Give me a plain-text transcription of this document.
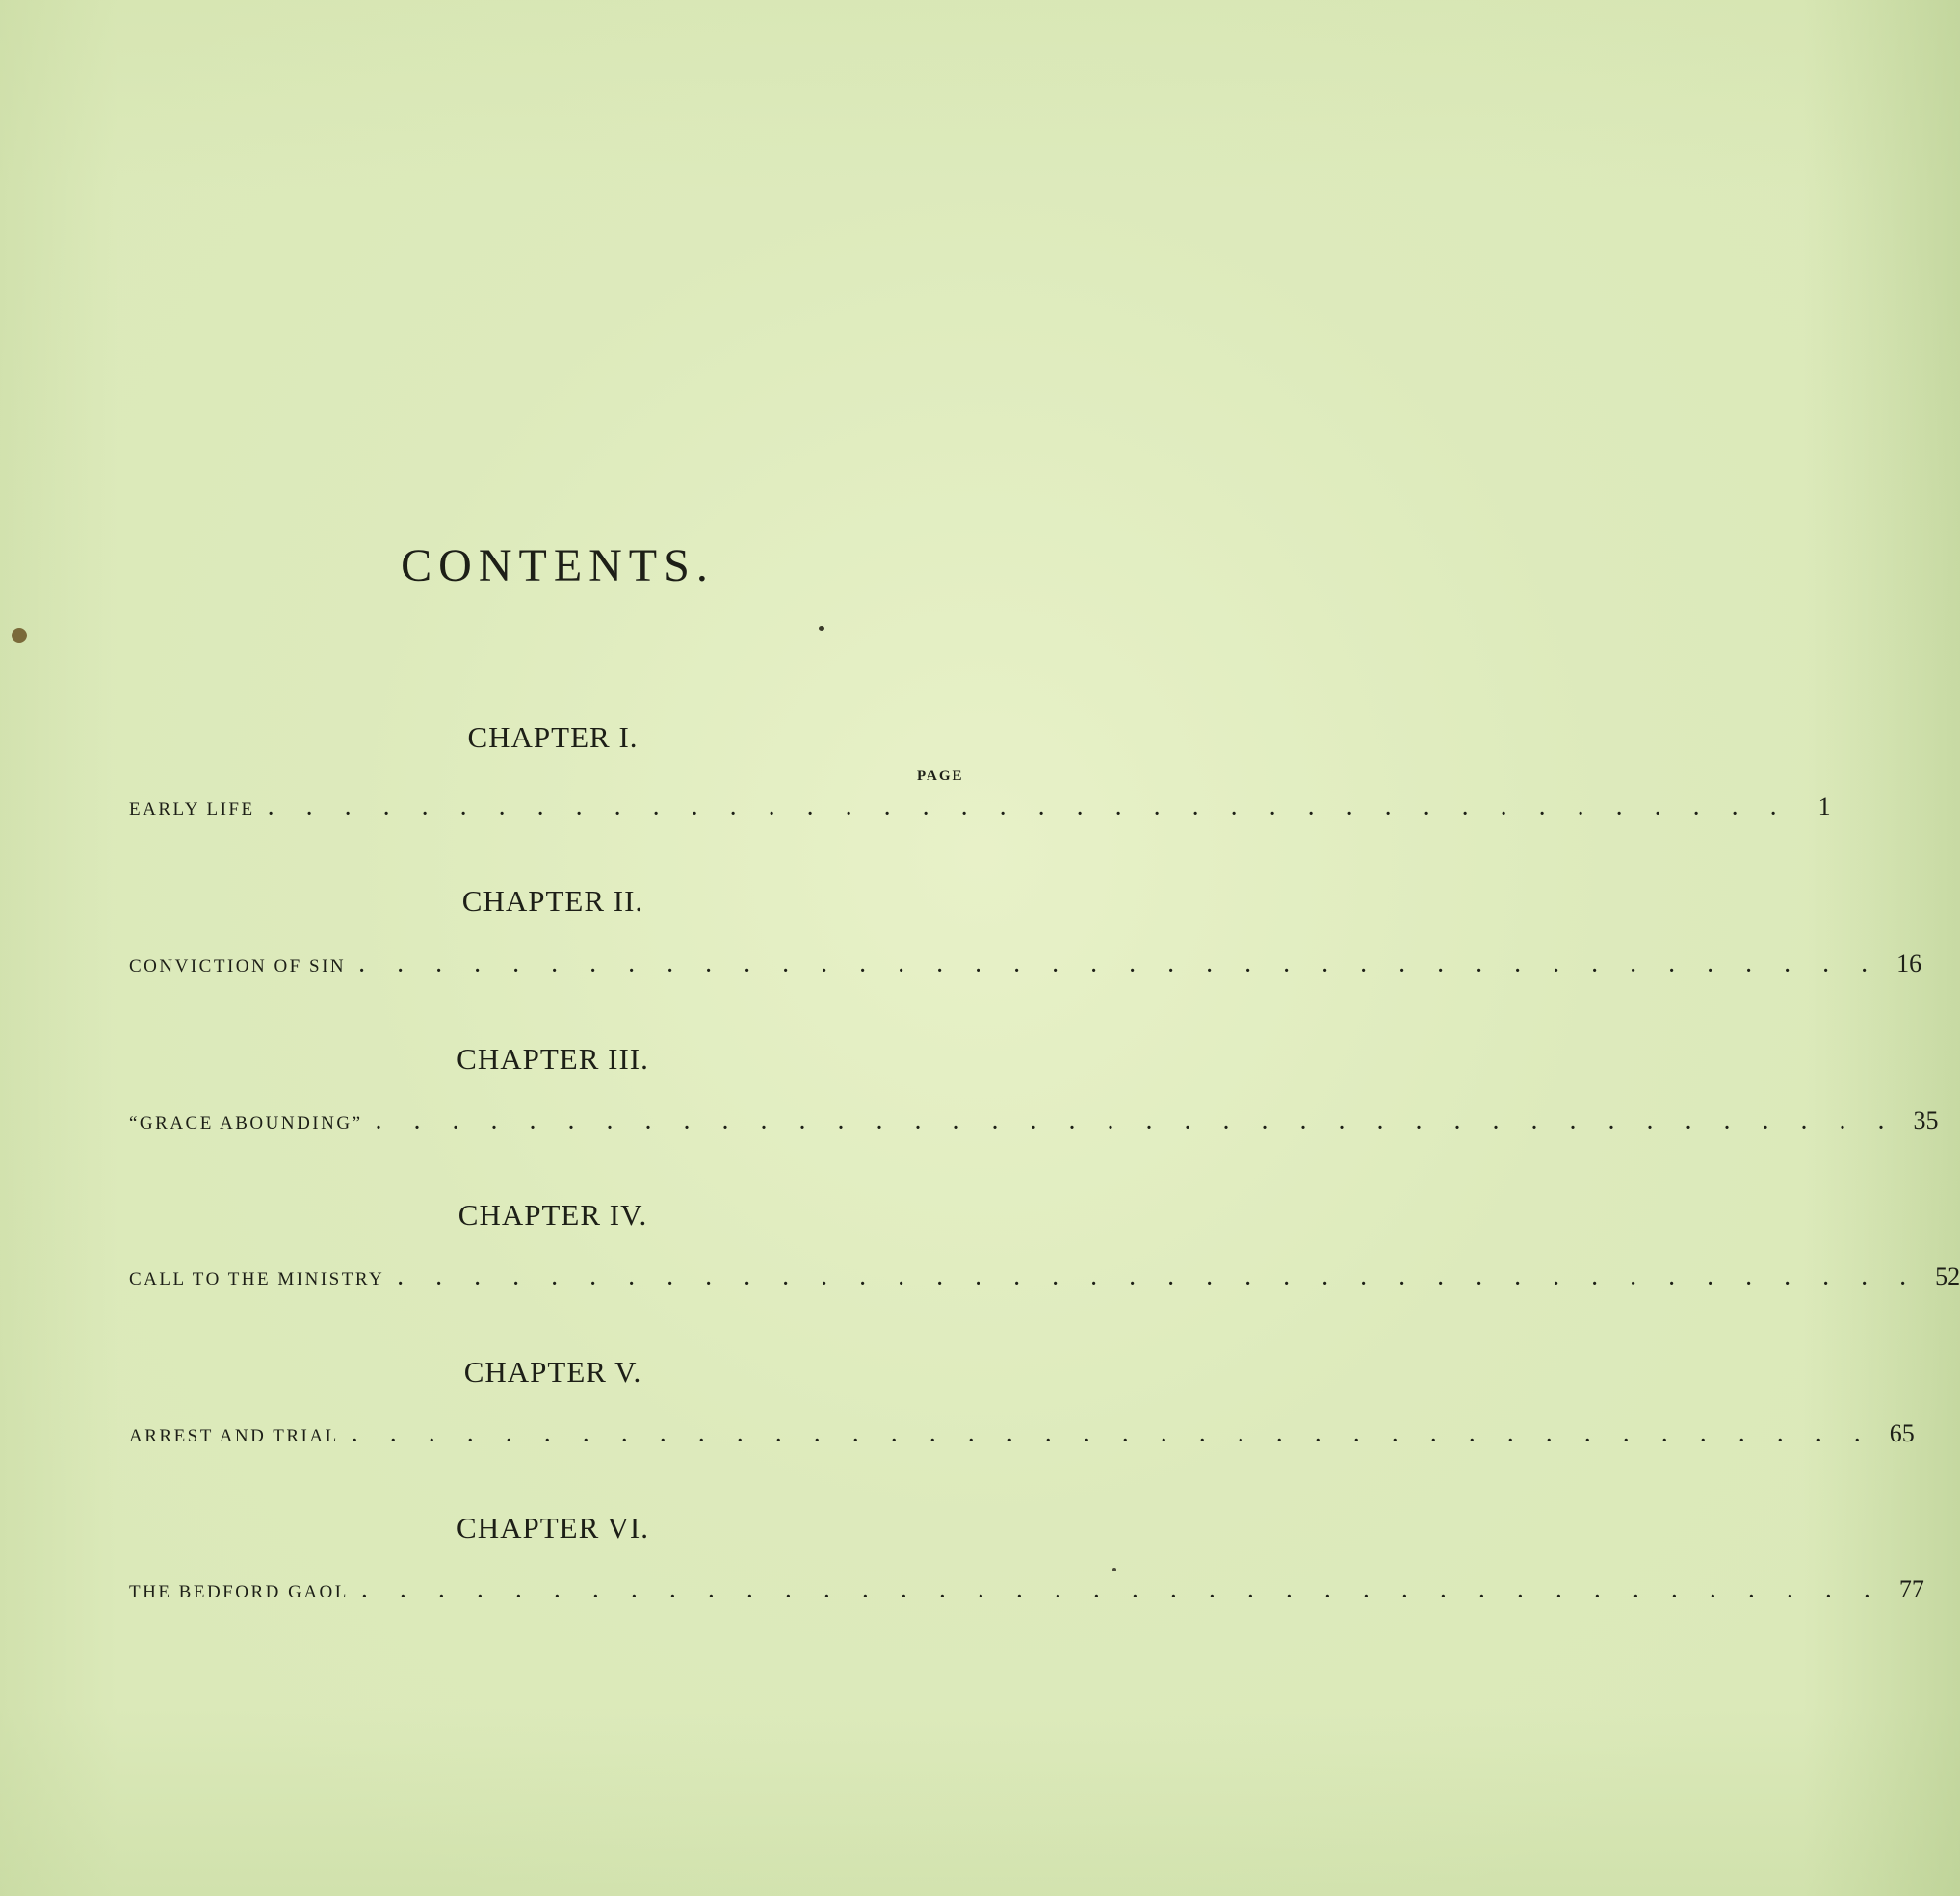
CONTENTS.
CHAPTER I.
PAGE
EARLY LIFE . . . . . . . . . . . . . . . . . . . . . . . . . . . . . . . . . . . . . . . .	1
CHAPTER II.
CONVICTION OF SIN . . . . . . . . . . . . . . . . . . . . . . . . . . . . . . . . . . . . . . . . 16
CHAPTER III.
“GRACE ABOUNDING” . . . . . . . . . . . . . . . . . . . . . . . . . . . . . . . . . . . . . . . . 35
CHAPTER IV.
CALL TO THE MINISTRY . . . . . . . . . . . . . . . . . . . . . . . . . . . . . . . . . . . . . . . . 52
CHAPTER V.
ARREST AND TRIAL . . . . . . . . . . . . . . . . . . . . . . . . . . . . . . . . . . . . . . . . 65
CHAPTER VI.
THE BEDFORD GAOL . . . . . . . . . . . . . . . . . . . . . . . . . . . . . . . . . . . . . . . . 77
